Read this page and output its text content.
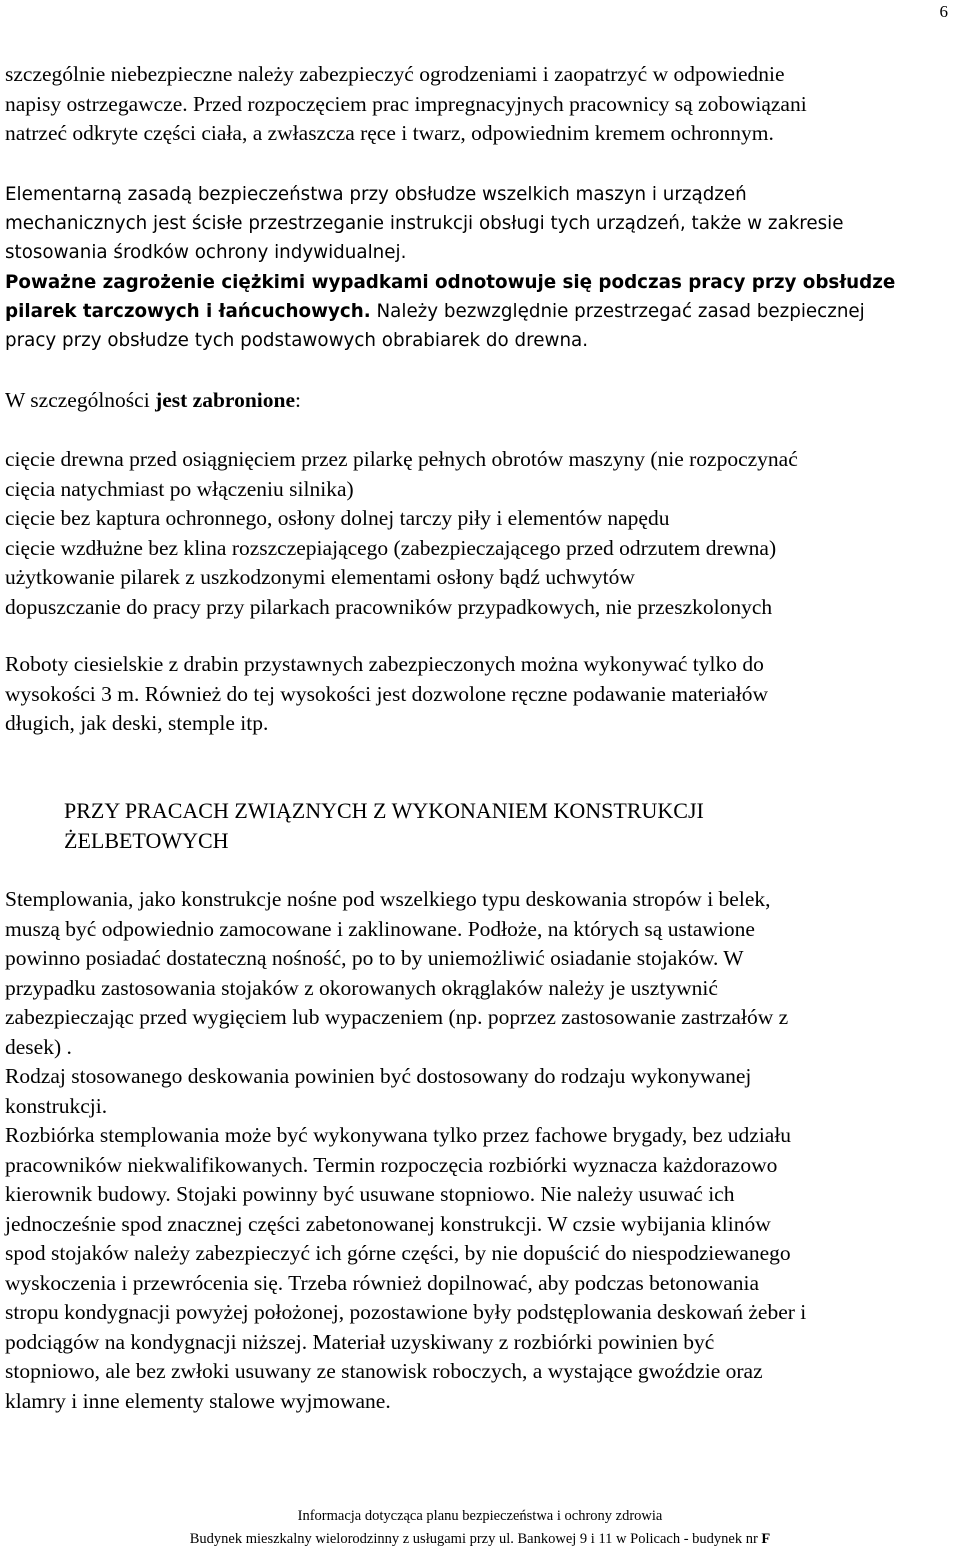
6
szczególnie niebezpieczne należy zabezpieczyć ogrodzeniami i zaopatrzyć w odpowiednie
napisy ostrzegawcze. Przed rozpoczęciem prac impregnacyjnych pracownicy są zobowiązani
natrzeć odkryte części ciała, a zwłaszcza ręce i twarz, odpowiednim kremem ochronnym.
Elementarną zasadą bezpieczeństwa przy obsłudze wszelkich maszyn i urządzeń
mechanicznych jest ścisłe przestrzeganie instrukcji obsługi tych urządzeń, także w zakresie
stosowania środków ochrony indywidualnej.
Poważne zagrożenie ciężkimi wypadkami odnotowuje się podczas pracy przy obsłudze
pilarek tarczowych i łańcuchowych. Należy bezwzględnie przestrzegać zasad bezpiecznej
pracy przy obsłudze tych podstawowych obrabiarek do drewna.
W szczególności jest zabronione:
cięcie drewna przed osiągnięciem przez pilarkę pełnych obrotów maszyny (nie rozpoczynać
cięcia natychmiast po włączeniu silnika)
cięcie bez kaptura ochronnego, osłony dolnej tarczy piły i elementów napędu
cięcie wzdłużne bez klina rozszczepiającego (zabezpieczającego przed odrzutem drewna)
użytkowanie pilarek z uszkodzonymi elementami osłony bądź uchwytów
dopuszczanie do pracy przy pilarkach pracowników przypadkowych, nie przeszkolonych
Roboty ciesielskie z drabin przystawnych zabezpieczonych można wykonywać tylko do
wysokości 3 m. Również do tej wysokości jest dozwolone ręczne podawanie materiałów
długich, jak deski, stemple itp.
PRZY PRACACH ZWIĄZNYCH Z WYKONANIEM KONSTRUKCJI
ŻELBETOWYCH
Stemplowania, jako konstrukcje nośne pod wszelkiego typu deskowania stropów i belek,
muszą być odpowiednio zamocowane i zaklinowane. Podłoże, na których są ustawione
powinno posiadać dostateczną nośność, po to by uniemożliwić osiadanie stojaków. W
przypadku zastosowania stojaków z okorowanych okrąglaków należy je usztywnić
zabezpieczając przed wygięciem lub wypaczeniem (np. poprzez zastosowanie zastrzałów z
desek) .
Rodzaj stosowanego deskowania powinien być dostosowany do rodzaju wykonywanej
konstrukcji.
Rozbiórka stemplowania może być wykonywana tylko przez fachowe brygady, bez udziału
pracowników niekwalifikowanych. Termin rozpoczęcia rozbiórki wyznacza każdorazowo
kierownik budowy. Stojaki powinny być usuwane stopniowo. Nie należy usuwać ich
jednocześnie spod znacznej części zabetonowanej konstrukcji. W czsie wybijania klinów
spod stojaków należy zabezpieczyć ich górne części, by nie dopuścić do niespodziewanego
wyskoczenia i przewrócenia się. Trzeba również dopilnować, aby podczas betonowania
stropu kondygnacji powyżej położonej, pozostawione były podstęplowania deskowań żeber i
podciągów na kondygnacji niższej. Materiał uzyskiwany z rozbiórki powinien być
stopniowo, ale bez zwłoki usuwany ze stanowisk roboczych, a wystające gwoździe oraz
klamry i inne elementy stalowe wyjmowane.
Informacja dotycząca planu bezpieczeństwa i ochrony zdrowia
Budynek mieszkalny wielorodzinny z usługami przy ul. Bankowej 9 i 11 w Policach - budynek nr F
